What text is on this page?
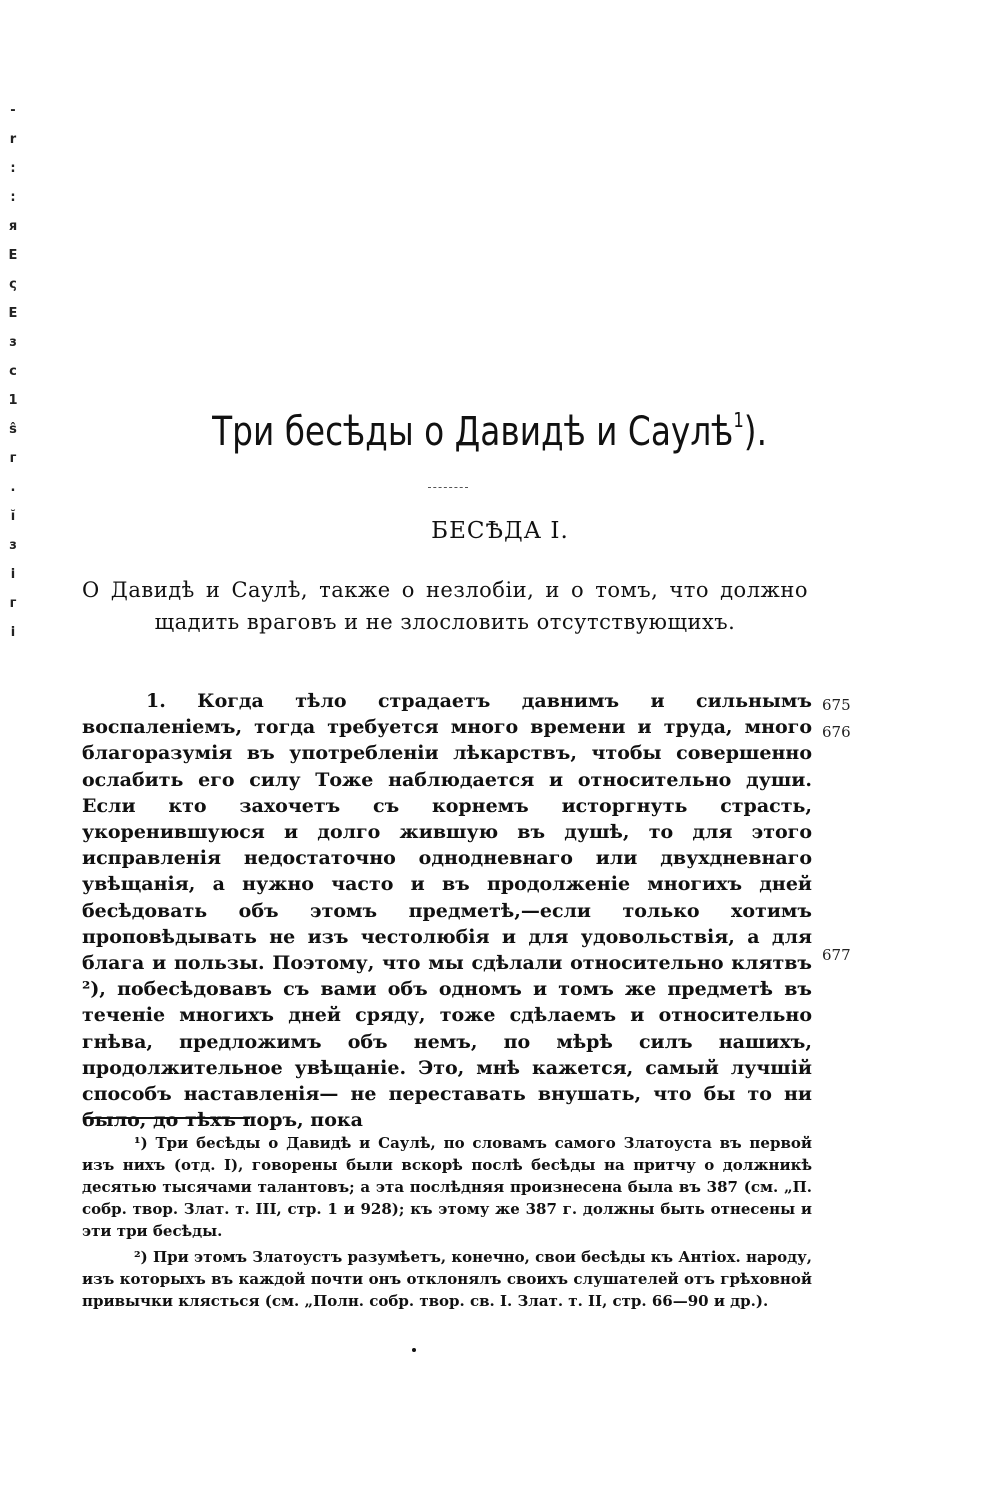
-
r
:
:
я
Е
ς
Е
з
с
1
ŝ
г
.
ĭ
з
і
г
і
Три бесѣды о Давидѣ и Саулѣ$^1$).
БЕСѢДА I.
О Давидѣ и Саулѣ, также о незлобіи, и о томъ, что должно щадить враговъ и не злословить отсутствующихъ.

1. Когда тѣло страдаетъ давнимъ и сильнымъ воспаленіемъ, тогда требуется много времени и труда, много благоразумія въ употребленіи лѣкарствъ, чтобы совершенно ослабить его силу Тоже наблюдается и относительно души. Если кто захочетъ съ корнемъ исторгнуть страсть, укоренившуюся и долго жившую въ душѣ, то для этого исправленія недостаточно однодневнаго или двухдневнаго увѣщанія, а нужно часто и въ продолженіе многихъ дней бесѣдовать объ этомъ предметѣ,—если только хотимъ проповѣдывать не изъ честолюбія и для удовольствія, а для блага и пользы. Поэтому, что мы сдѣлали относительно клятвъ ²), побесѣдовавъ съ вами объ одномъ и томъ же предметѣ въ теченіе многихъ дней сряду, тоже сдѣлаемъ и относительно гнѣва, предложимъ объ немъ, по мѣрѣ силъ нашихъ, продолжительное увѣщаніе. Это, мнѣ кажется, самый лучшій способъ наставленія— не переставать внушать, что бы то ни было, до тѣхъ поръ, пока

675
676
677

¹) Три бесѣды о Давидѣ и Саулѣ, по словамъ самого Златоуста въ первой изъ нихъ (отд. I), говорены были вскорѣ послѣ бесѣды на притчу о должникѣ десятью тысячами талантовъ; а эта послѣдняя произнесена была въ 387 (см. „П. собр. твор. Злат. т. III, стр. 1 и 928); къ этому же 387 г. должны быть отнесены и эти три бесѣды.

²) При этомъ Златоустъ разумѣетъ, конечно, свои бесѣды къ Антіох. народу, изъ которыхъ въ каждой почти онъ отклонялъ своихъ слушателей отъ грѣховной привычки клясться (см. „Полн. собр. твор. св. I. Злат. т. II, стр. 66—90 и др.).
